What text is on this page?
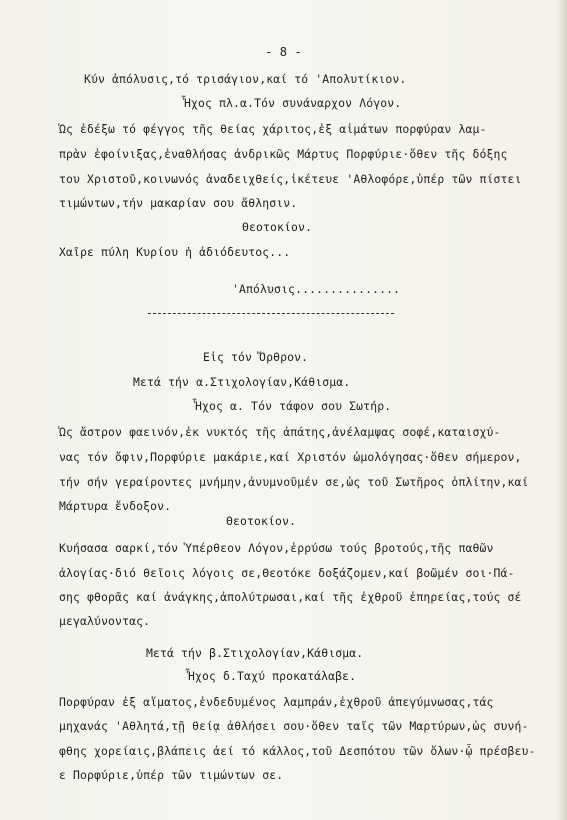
- 8 -
Κύν ἀπόλυσις,τό τρισάγιον,καί τό 'Απολυτίκιον.
Ἦχος πλ.α.Τόν συνάναρχον Λόγον.
Ὡς ἐδέξω τό φέγγος τῆς θείας χάριτος,ἐξ αἱμάτων πορφύραν λαμ-
πρὰν ἐφοίνιξας,ἐναθλήσας ἀνδρικῶς Μάρτυς Πορφύριε·ὅθεν τῆς δόξης
του Χριστοῦ,κοινωνός ἀναδειχθείς,ἱκέτευε 'Αθλοφόρε,ὑπέρ τῶν πίστει
τιμώντων,τήν μακαρίαν σου ἄθλησιν.
Θεοτοκίον.
Χαῖρε πύλη Κυρίου ἡ ἀδιόδευτος...
'Απόλυσις...............
Εἰς τόν Ὄρθρον.
Μετά τήν α.Στιχολογίαν,Κάθισμα.
Ἦχος α. Τόν τάφον σου Σωτήρ.
Ὡς ἄστρον φαεινόν,ἐκ νυκτός τῆς ἀπάτης,ἀνέλαμψας σοφέ,καταισχύ-
νας τόν ὄφιν,Πορφύριε μακάριε,καί Χριστόν ὡμολόγησας·ὅθεν σήμερον,
τήν σήν γεραίροντες μνήμην,ἀνυμνοῦμέν σε,ὡς τοῦ Σωτῆρος ὁπλίτην,καί
Μάρτυρα ἔνδοξον.
Θεοτοκίον.
Κυήσασα σαρκί,τόν Ὑπέρθεον Λόγον,ἐρρύσω τούς βροτούς,τῆς παθῶν
ἀλογίας·διό θεῖοις λόγοις σε,Θεοτόκε δοξάζομεν,καί βοῶμέν σοι·Πά-
σης φθορᾶς καί ἀνάγκης,ἀπολύτρωσαι,καί τῆς ἐχθροῦ ἐπηρείας,τούς σέ
μεγαλύνοντας.
Μετά τήν β.Στιχολογίαν,Κάθισμα.
Ἦχος δ.Ταχύ προκατάλαβε.
Πορφύραν ἐξ αἵματος,ἐνδεδυμένος λαμπράν,ἐχθροῦ ἀπεγύμνωσας,τάς
μηχανάς 'Αθλητά,τῇ θείᾳ ἀθλήσει σου·ὅθεν ταῖς τῶν Μαρτύρων,ὡς συνή-
φθης χορείαις,βλάπεις ἀεί τό κάλλος,τοῦ Δεσπότου τῶν ὅλων·ᾧ πρέσβευ-
ε Πορφύριε,ὑπέρ τῶν τιμώντων σε.
